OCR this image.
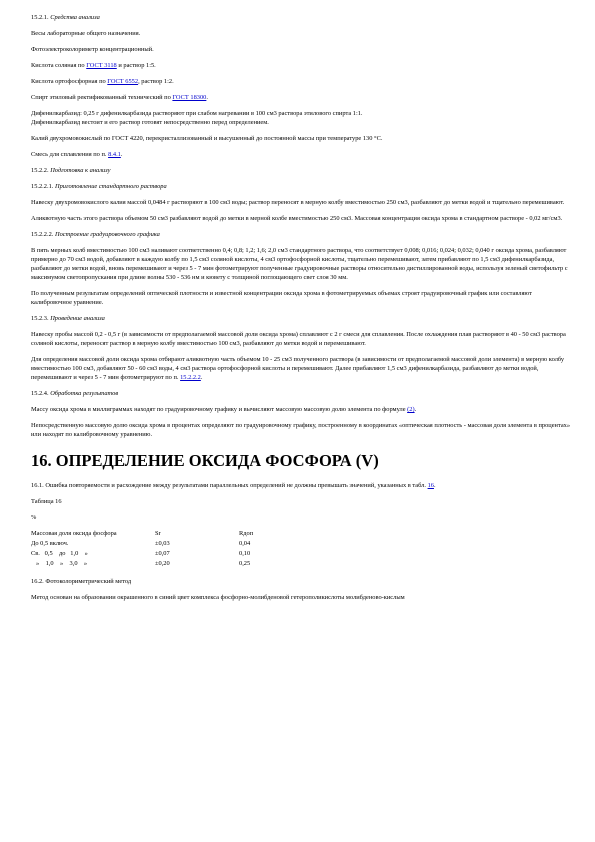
15.2.1. Средства анализа

Весы лабораторные общего назначения.

Фотоэлектроколориметр концентрационный.

Кислота соляная по ГОСТ 3118 и раствор 1:5.

Кислота ортофосфорная по ГОСТ 6552, раствор 1:2.

Спирт этиловый ректификованный технический по ГОСТ 18300.

Дифенилкарбазид: 0,25 г дифенилкарбазида растворяют при слабом нагревании в 100 см3 раствора этилового спирта 1:1.
Дифенилкарбазид вестоит и его раствор готовят непосредственно перед определением.

Калий двухромовокислый по ГОСТ 4220, перекристаллизованный и высушенный до постоянной массы при температуре 130 °С.

Смесь для сплавления по п. 8.4.1.

15.2.2. Подготовка к анализу

15.2.2.1. Приготовление стандартного раствора

Навеску двухромовокислого калия массой 0,0484 г растворяют в 100 см3 воды; раствор переносят в мерную колбу вместимостью 250 см3, разбавляют до метки водой и тщательно перемешивают.

Аликвотную часть этого раствора объемом 50 см3 разбавляют водой до метки в мерной колбе вместимостью 250 см3. Массовая концентрация оксида хрома в стандартном растворе - 0,02 мг/см3.

15.2.2.2. Построение градуировочного графика

В пять мерных колб вместимостью 100 см3 наливают соответственно 0,4; 0,8; 1,2; 1,6; 2,0 см3 стандартного раствора, что соответствует 0,008; 0,016; 0,024; 0,032; 0,040 г оксида хрома, разбавляют примерно до 70 см3 водой, добавляют в каждую колбу по 1,5 см3 соляной кислоты, 4 см3 ортофосфорной кислоты, тщательно перемешивают, затем прибавляют по 1,5 см3 дифенилкарбазида, разбавляют до метки водой, вновь перемешивают и через 5 - 7 мин фотометрируют полученные градуировочные растворы относительно дистиллированной воды, используя зеленый светофильтр с максимумом светопропускания при длине волны 530 - 536 нм и кювету с толщиной поглощающего свет слоя 30 мм.

По полученным результатам определений оптической плотности и известной концентрации оксида хрома в фотометрируемых объемах строят градуировочный график или составляют калибровочное уравнение.

15.2.3. Проведение анализа

Навеску пробы массой 0,2 - 0,5 г (в зависимости от предполагаемой массовой доли оксида хрома) сплавляют с 2 г смеси для сплавления. После охлаждения плав растворяют в 40 - 50 см3 раствора соляной кислоты, переносят раствор в мерную колбу вместимостью 100 см3, разбавляют до метки водой и перемешивают.

Для определения массовой доли оксида хрома отбирают аликвотную часть объемом 10 - 25 см3 полученного раствора (в зависимости от предполагаемой массовой доли элемента) в мерную колбу вместимостью 100 см3, добавляют 50 - 60 см3 воды, 4 см3 раствора ортофосфорной кислоты и перемешивают. Далее прибавляют 1,5 см3 дифенилкарбазида, разбавляют до метки водой, перемешивают и через 5 - 7 мин фотометрируют по п. 15.2.2.2.

15.2.4. Обработка результатов

Массу оксида хрома в миллиграммах находят по градуировочному графику и вычисляют массовую массовую долю элемента по формуле (2).

Непосредственную массовую долю оксида хрома в процентах определяют по градуировочному графику, построенному в координатах «оптическая плотность - массовая доля элемента в процентах» или находят по калибровочному уравнению.

16. ОПРЕДЕЛЕНИЕ ОКСИДА ФОСФОРА (V)

16.1. Ошибка повторяемости и расхождение между результатами параллельных определений не должны превышать значений, указанных в табл. 16.

Таблица 16

%

Массовая доля оксида фосфора	Sr	Rдоп
До 0,5 включ.	±0,03	0,04
Св.   0,5    до   1,0    »	±0,07	0,10
»    1,0    »    3,0    »	±0,20	0,25

16.2. Фотоколориметрический метод

Метод основан на образовании окрашенного в синий цвет комплекса фосфорно-молибденовой гетерополикислоты молибденово-кислым
